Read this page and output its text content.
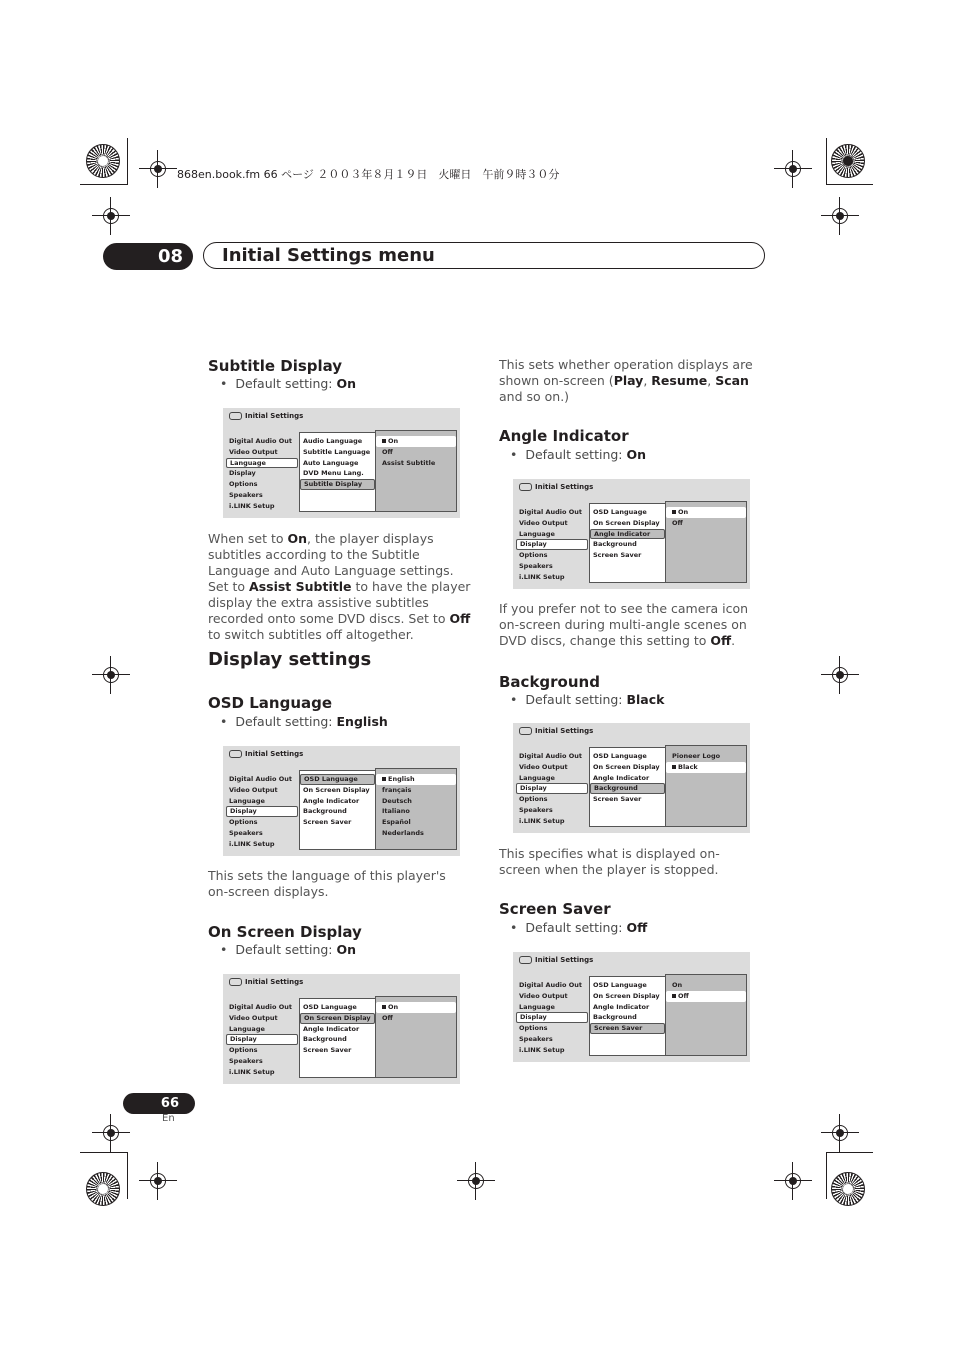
868en.book.fm 66 ページ ２００３年８月１９日　火曜日　午前９時３０分
08	Initial Settings menu
Subtitle Display
•  Default setting: On
Initial Settings
Digital Audio Out
Video Output
Language
Display
Options
Speakers
i.LINK Setup
Audio Language
Subtitle Language
Auto Language
DVD Menu Lang.
Subtitle Display
On
Off
Assist Subtitle
When set to On, the player displays subtitles according to the Subtitle Language and Auto Language settings. Set to Assist Subtitle to have the player display the extra assistive subtitles recorded onto some DVD discs. Set to Off to switch subtitles off altogether.
Display settings
OSD Language
•  Default setting: English
Initial Settings
Digital Audio Out
Video Output
Language
Display
Options
Speakers
i.LINK Setup
OSD Language
On Screen Display
Angle Indicator
Background
Screen Saver
English
français
Deutsch
Italiano
Español
Nederlands
This sets the language of this player's on-screen displays.
On Screen Display
•  Default setting: On
Initial Settings
Digital Audio Out
Video Output
Language
Display
Options
Speakers
i.LINK Setup
OSD Language
On Screen Display
Angle Indicator
Background
Screen Saver
On
Off
This sets whether operation displays are shown on-screen (Play, Resume, Scan and so on.)
Angle Indicator
•  Default setting: On
Initial Settings
Digital Audio Out
Video Output
Language
Display
Options
Speakers
i.LINK Setup
OSD Language
On Screen Display
Angle Indicator
Background
Screen Saver
On
Off
If you prefer not to see the camera icon on-screen during multi-angle scenes on DVD discs, change this setting to Off.
Background
•  Default setting: Black
Initial Settings
Digital Audio Out
Video Output
Language
Display
Options
Speakers
i.LINK Setup
OSD Language
On Screen Display
Angle Indicator
Background
Screen Saver
Pioneer Logo
Black
This specifies what is displayed on-screen when the player is stopped.
Screen Saver
•  Default setting: Off
Initial Settings
Digital Audio Out
Video Output
Language
Display
Options
Speakers
i.LINK Setup
OSD Language
On Screen Display
Angle Indicator
Background
Screen Saver
On
Off
66
En
